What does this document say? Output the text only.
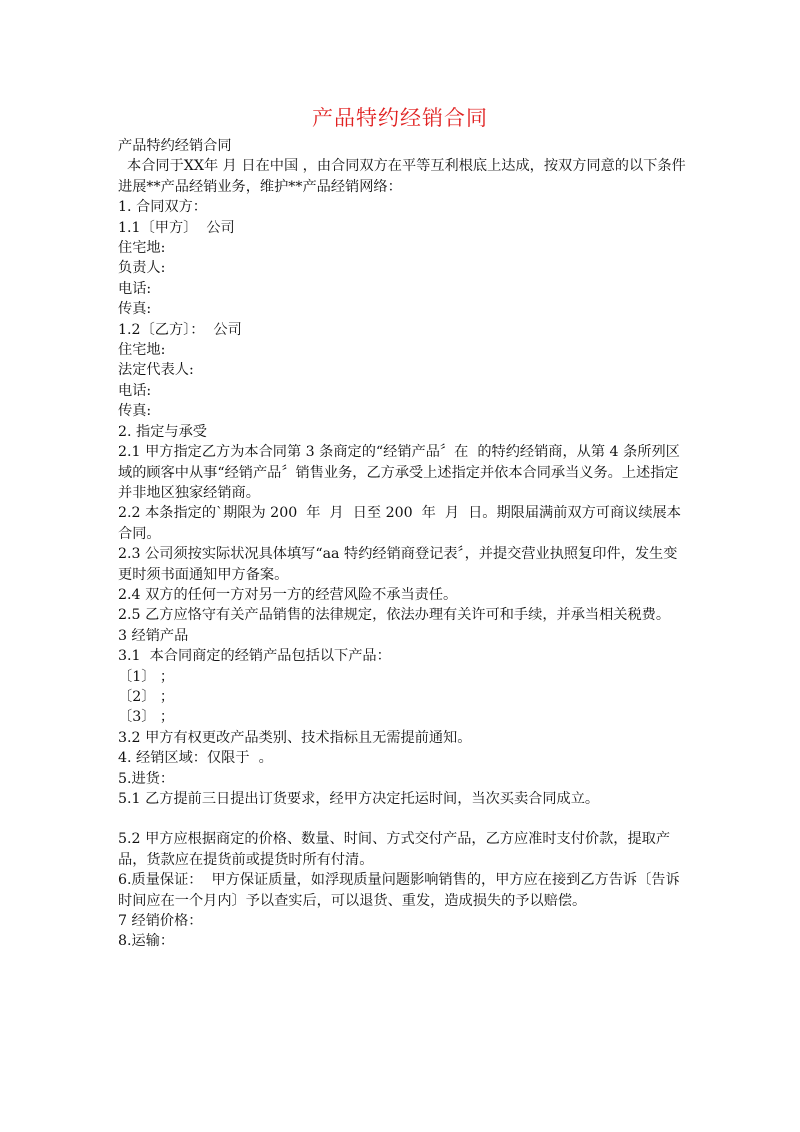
产品特约经销合同

产品特约经销合同

本合同于XX年 月 日在中国 ，由合同双方在平等互利根底上达成，按双方同意的以下条件进展**产品经销业务，维护**产品经销网络：

1. 合同双方：

1.1〔甲方〕  公司

住宅地:

负责人:

电话:

传真:

1.2〔乙方〕：  公司

住宅地:

法定代表人:

电话:

传真:

2. 指定与承受

2.1 甲方指定乙方为本合同第 3 条商定的“经销产品〞在  的特约经销商，从第 4 条所列区域的顾客中从事“经销产品〞销售业务，乙方承受上述指定并依本合同承当义务。上述指定并非地区独家经销商。

2.2 本条指定的`期限为 200  年  月  日至 200  年  月  日。期限届满前双方可商议续展本合同。

2.3 公司须按实际状况具体填写“aa 特约经销商登记表〞，并提交营业执照复印件，发生变更时须书面通知甲方备案。

2.4 双方的任何一方对另一方的经营风险不承当责任。

2.5 乙方应恪守有关产品销售的法律规定，依法办理有关许可和手续，并承当相关税费。

3 经销产品

3.1  本合同商定的经销产品包括以下产品：

〔1〕 ；

〔2〕 ；

〔3〕 ；

3.2 甲方有权更改产品类别、技术指标且无需提前通知。

4. 经销区域：仅限于  。

5.进货：

5.1 乙方提前三日提出订货要求，经甲方决定托运时间，当次买卖合同成立。

5.2 甲方应根据商定的价格、数量、时间、方式交付产品，乙方应准时支付价款，提取产品，货款应在提货前或提货时所有付清。

6.质量保证：  甲方保证质量，如浮现质量问题影响销售的，甲方应在接到乙方告诉〔告诉时间应在一个月内〕予以查实后，可以退货、重发，造成损失的予以赔偿。

7 经销价格：

8.运输：
